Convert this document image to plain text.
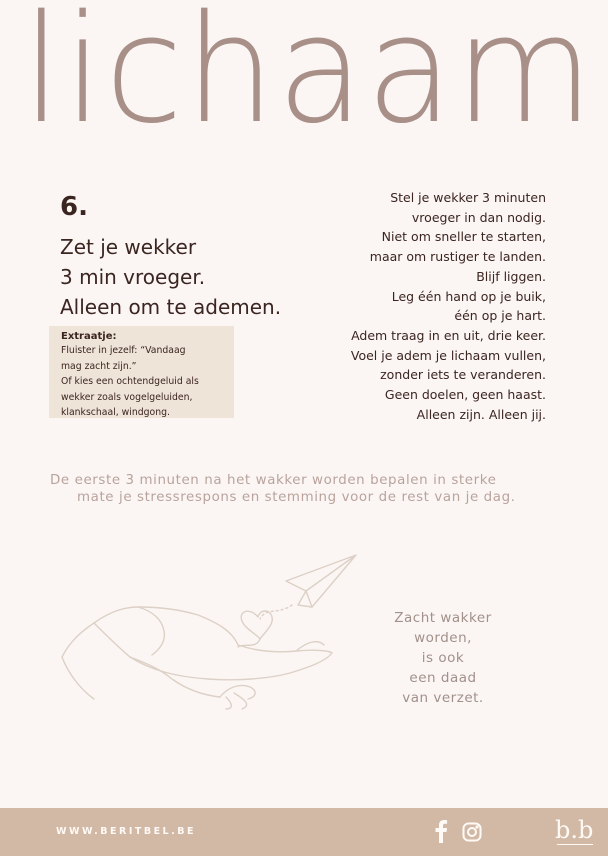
lichaam
6.
Zet je wekker
3 min vroeger.
Alleen om te ademen.
Extraatje:
Fluister in jezelf: “Vandaag
mag zacht zijn.”
Of kies een ochtendgeluid als
wekker zoals vogelgeluiden,
klankschaal, windgong.
Stel je wekker 3 minuten
vroeger in dan nodig.
Niet om sneller te starten,
maar om rustiger te landen.
Blijf liggen.
Leg één hand op je buik,
één op je hart.
Adem traag in en uit, drie keer.
Voel je adem je lichaam vullen,
zonder iets te veranderen.
Geen doelen, geen haast.
Alleen zijn. Alleen jij.
De eerste 3 minuten na het wakker worden bepalen in sterke
mate je stressrespons en stemming voor de rest van je dag.
Zacht wakker
worden,
is ook
een daad
van verzet.
WWW.BERITBEL.BE	b.b
